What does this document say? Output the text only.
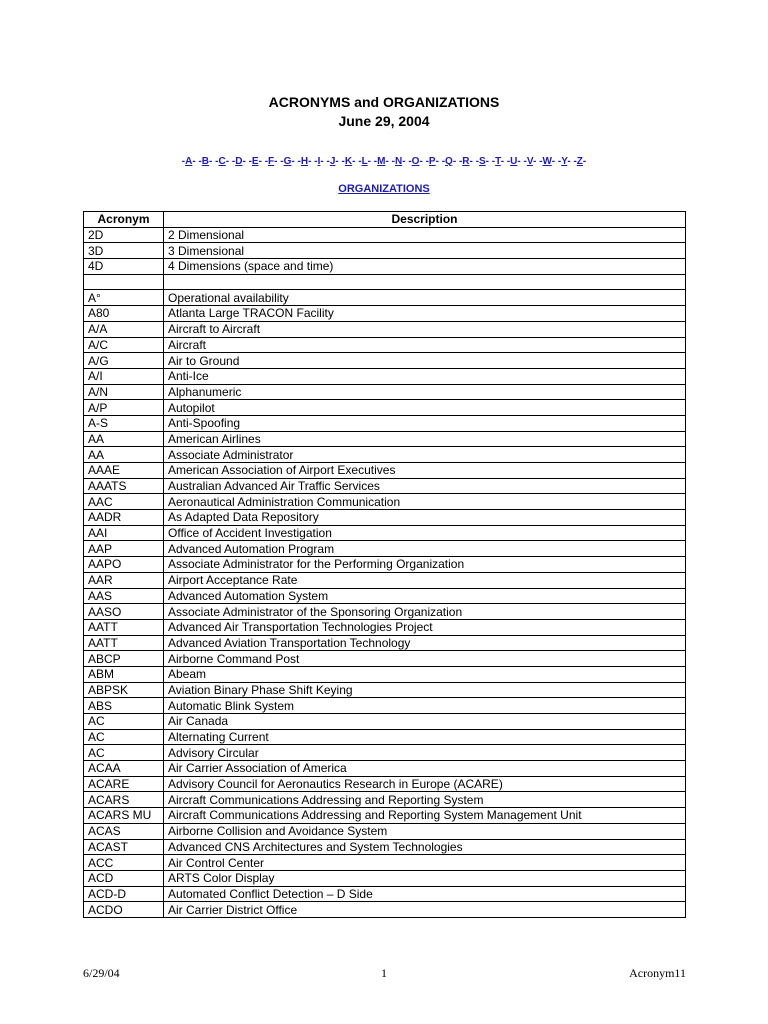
ACRONYMS and ORGANIZATIONS
June 29, 2004
-A- -B- -C- -D- -E- -F- -G- -H- -I- -J- -K- -L- -M- -N- -O- -P- -Q- -R- -S- -T- -U- -V- -W- -Y- -Z-
ORGANIZATIONS
Acronym	Description
2D	2 Dimensional
3D	3 Dimensional
4D	4 Dimensions (space and time)

A°	Operational availability
A80	Atlanta Large TRACON Facility
A/A	Aircraft to Aircraft
A/C	Aircraft
A/G	Air to Ground
A/I	Anti-Ice
A/N	Alphanumeric
A/P	Autopilot
A-S	Anti-Spoofing
AA	American Airlines
AA	Associate Administrator
AAAE	American Association of Airport Executives
AAATS	Australian Advanced Air Traffic Services
AAC	Aeronautical Administration Communication
AADR	As Adapted Data Repository
AAI	Office of Accident Investigation
AAP	Advanced Automation Program
AAPO	Associate Administrator for the Performing Organization
AAR	Airport Acceptance Rate
AAS	Advanced Automation System
AASO	Associate Administrator of the Sponsoring Organization
AATT	Advanced Air Transportation Technologies Project
AATT	Advanced Aviation Transportation Technology
ABCP	Airborne Command Post
ABM	Abeam
ABPSK	Aviation Binary Phase Shift Keying
ABS	Automatic Blink System
AC	Air Canada
AC	Alternating Current
AC	Advisory Circular
ACAA	Air Carrier Association of America
ACARE	Advisory Council for Aeronautics Research in Europe (ACARE)
ACARS	Aircraft Communications Addressing and Reporting System
ACARS MU	Aircraft Communications Addressing and Reporting System Management Unit
ACAS	Airborne Collision and Avoidance System
ACAST	Advanced CNS Architectures and System Technologies
ACC	Air Control Center
ACD	ARTS Color Display
ACD-D	Automated Conflict Detection – D Side
ACDO	Air Carrier District Office
6/29/04	1	Acronym11
